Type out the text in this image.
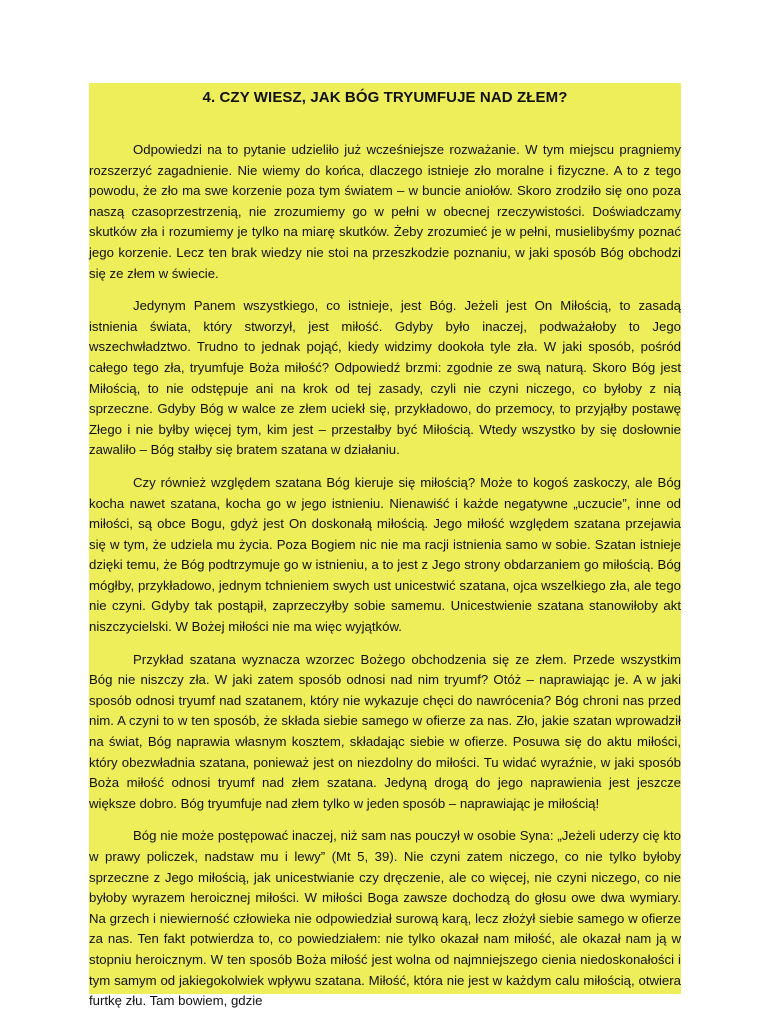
4. CZY WIESZ, JAK BÓG TRYUMFUJE NAD ZŁEM?

Odpowiedzi na to pytanie udzieliło już wcześniejsze rozważanie. W tym miejscu pragniemy rozszerzyć zagadnienie. Nie wiemy do końca, dlaczego istnieje zło moralne i fizyczne. A to z tego powodu, że zło ma swe korzenie poza tym światem – w buncie aniołów. Skoro zrodziło się ono poza naszą czasoprzestrzenią, nie zrozumiemy go w pełni w obecnej rzeczywistości. Doświadczamy skutków zła i rozumiemy je tylko na miarę skutków. Żeby zrozumieć je w pełni, musielibyśmy poznać jego korzenie. Lecz ten brak wiedzy nie stoi na przeszkodzie poznaniu, w jaki sposób Bóg obchodzi się ze złem w świecie.

Jedynym Panem wszystkiego, co istnieje, jest Bóg. Jeżeli jest On Miłością, to zasadą istnienia świata, który stworzył, jest miłość. Gdyby było inaczej, podważałoby to Jego wszechwładztwo. Trudno to jednak pojąć, kiedy widzimy dookoła tyle zła. W jaki sposób, pośród całego tego zła, tryumfuje Boża miłość? Odpowiedź brzmi: zgodnie ze swą naturą. Skoro Bóg jest Miłością, to nie odstępuje ani na krok od tej zasady, czyli nie czyni niczego, co byłoby z nią sprzeczne. Gdyby Bóg w walce ze złem uciekł się, przykładowo, do przemocy, to przyjąłby postawę Złego i nie byłby więcej tym, kim jest – przestałby być Miłością. Wtedy wszystko by się dosłownie zawaliło – Bóg stałby się bratem szatana w działaniu.

Czy również względem szatana Bóg kieruje się miłością? Może to kogoś zaskoczy, ale Bóg kocha nawet szatana, kocha go w jego istnieniu. Nienawiść i każde negatywne „uczucie”, inne od miłości, są obce Bogu, gdyż jest On doskonałą miłością. Jego miłość względem szatana przejawia się w tym, że udziela mu życia. Poza Bogiem nic nie ma racji istnienia samo w sobie. Szatan istnieje dzięki temu, że Bóg podtrzymuje go w istnieniu, a to jest z Jego strony obdarzaniem go miłością. Bóg mógłby, przykładowo, jednym tchnieniem swych ust unicestwić szatana, ojca wszelkiego zła, ale tego nie czyni. Gdyby tak postąpił, zaprzeczyłby sobie samemu. Unicestwienie szatana stanowiłoby akt niszczycielski. W Bożej miłości nie ma więc wyjątków.

Przykład szatana wyznacza wzorzec Bożego obchodzenia się ze złem. Przede wszystkim Bóg nie niszczy zła. W jaki zatem sposób odnosi nad nim tryumf? Otóż – naprawiając je. A w jaki sposób odnosi tryumf nad szatanem, który nie wykazuje chęci do nawrócenia? Bóg chroni nas przed nim. A czyni to w ten sposób, że składa siebie samego w ofierze za nas. Zło, jakie szatan wprowadził na świat, Bóg naprawia własnym kosztem, składając siebie w ofierze. Posuwa się do aktu miłości, który obezwładnia szatana, ponieważ jest on niezdolny do miłości. Tu widać wyraźnie, w jaki sposób Boża miłość odnosi tryumf nad złem szatana. Jedyną drogą do jego naprawienia jest jeszcze większe dobro. Bóg tryumfuje nad złem tylko w jeden sposób – naprawiając je miłością!

Bóg nie może postępować inaczej, niż sam nas pouczył w osobie Syna: „Jeżeli uderzy cię kto w prawy policzek, nadstaw mu i lewy” (Mt 5, 39). Nie czyni zatem niczego, co nie tylko byłoby sprzeczne z Jego miłością, jak unicestwianie czy dręczenie, ale co więcej, nie czyni niczego, co nie byłoby wyrazem heroicznej miłości. W miłości Boga zawsze dochodzą do głosu owe dwa wymiary. Na grzech i niewierność człowieka nie odpowiedział surową karą, lecz złożył siebie samego w ofierze za nas. Ten fakt potwierdza to, co powiedziałem: nie tylko okazał nam miłość, ale okazał nam ją w stopniu heroicznym. W ten sposób Boża miłość jest wolna od najmniejszego cienia niedoskonałości i tym samym od jakiegokolwiek wpływu szatana. Miłość, która nie jest w każdym calu miłością, otwiera furtkę złu. Tam bowiem, gdzie
